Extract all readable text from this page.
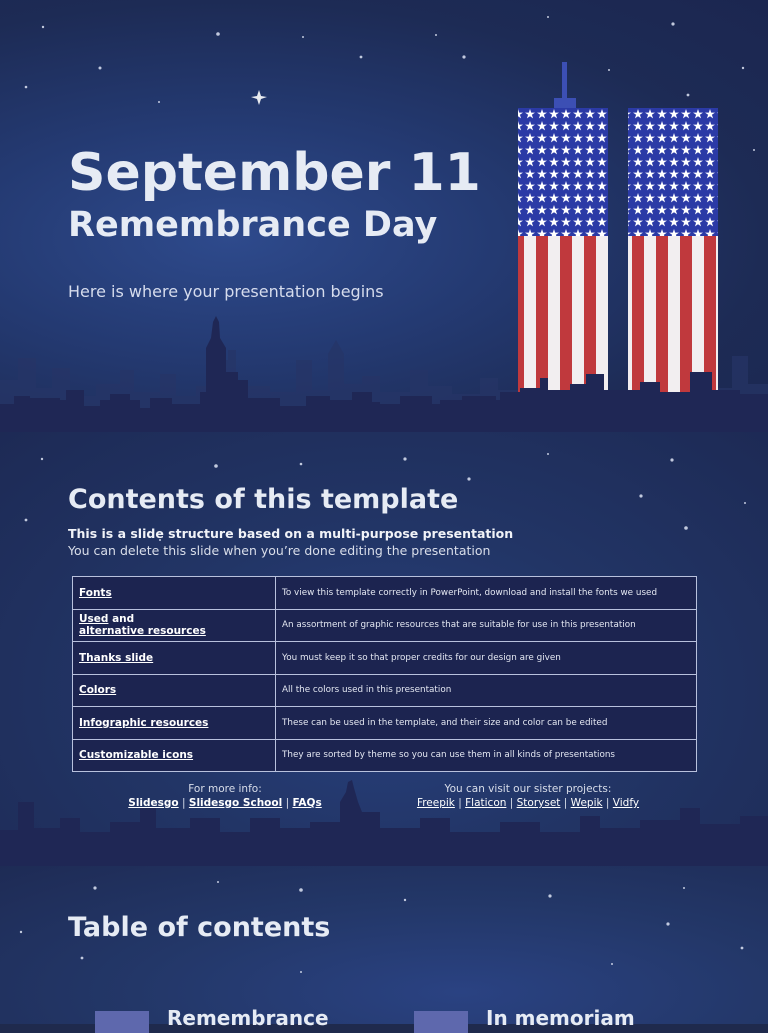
September 11
Remembrance Day
Here is where your presentation begins
Contents of this template
This is a slide structure based on a multi-purpose presentation
You can delete this slide when you’re done editing the presentation
Fonts	To view this template correctly in PowerPoint, download and install the fonts we used
Used and
alternative resources	An assortment of graphic resources that are suitable for use in this presentation
Thanks slide	You must keep it so that proper credits for our design are given
Colors	All the colors used in this presentation
Infographic resources	These can be used in the template, and their size and color can be edited
Customizable icons	They are sorted by theme so you can use them in all kinds of presentations
For more info:
Slidesgo | Slidesgo School | FAQs
You can visit our sister projects:
Freepik | Flaticon | Storyset | Wepik | Vidfy
Table of contents
Remembrance	In memoriam
